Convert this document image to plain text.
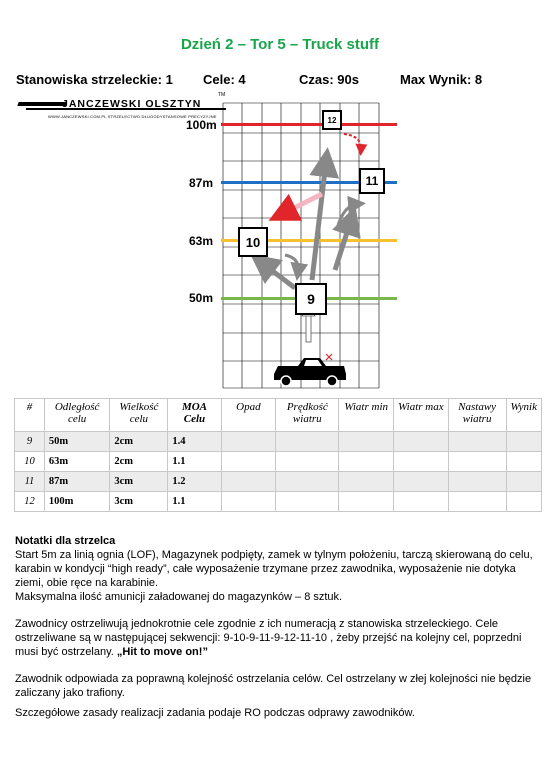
Dzień 2 – Tor 5 – Truck stuff
Stanowiska strzeleckie: 1 Cele: 4	Czas: 90s	Max Wynik: 8
JANCZEWSKI OLSZTYN
TM
WWW.JANCZEWSKI.COM.PL STRZELECTWO DŁUGODYSTANSOWE PRECYZYJNE
100m
87m
63m
50m
12
11
10
9
#	Odległość celu	Wielkość celu	MOA Celu	Opad	Prędkość wiatru	Wiatr min	Wiatr max	Nastawy wiatru	Wynik
9	50m	2cm	1.4						
10	63m	2cm	1.1						
11	87m	3cm	1.2						
12	100m	3cm	1.1						

Notatki dla strzelca

Start 5m za linią ognia (LOF), Magazynek podpięty, zamek w tylnym położeniu, tarczą skierowaną do celu, karabin w kondycji “high ready”, całe wyposażenie trzymane przez zawodnika, wyposażenie nie dotyka ziemi, obie ręce na karabinie.

Maksymalna ilość amunicji załadowanej do magazynków – 8 sztuk.

Zawodnicy ostrzeliwują jednokrotnie cele zgodnie z ich numeracją z stanowiska strzeleckiego. Cele ostrzeliwane są w następującej sekwencji: 9-10-9-11-9-12-11-10 , żeby przejść na kolejny cel, poprzedni musi być ostrzelany. „Hit to move on!”

Zawodnik odpowiada za poprawną kolejność ostrzelania celów. Cel ostrzelany w złej kolejności nie będzie zaliczany jako trafiony.

Szczegółowe zasady realizacji zadania podaje RO podczas odprawy zawodników.
